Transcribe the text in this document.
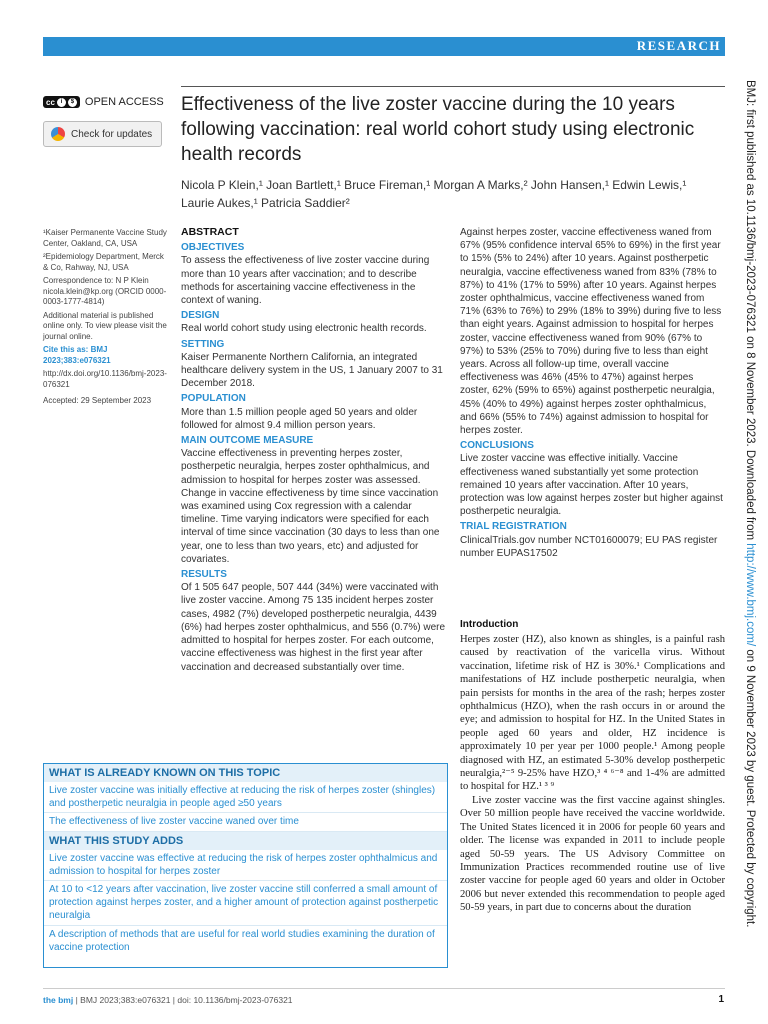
RESEARCH
cc i	$ OPEN ACCESS
Check for updates
Effectiveness of the live zoster vaccine during the 10 years following vaccination: real world cohort study using electronic health records
Nicola P Klein,¹ Joan Bartlett,¹ Bruce Fireman,¹ Morgan A Marks,² John Hansen,¹ Edwin Lewis,¹ Laurie Aukes,¹ Patricia Saddier²

¹Kaiser Permanente Vaccine Study Center, Oakland, CA, USA

²Epidemiology Department, Merck & Co, Rahway, NJ, USA

Correspondence to: N P Klein nicola.klein@kp.org (ORCID 0000-0003-1777-4814)

Additional material is published online only. To view please visit the journal online.

Cite this as: BMJ 2023;383:e076321

http://dx.doi.org/10.1136/bmj-2023-076321

Accepted: 29 September 2023

ABSTRACT
OBJECTIVES

To assess the effectiveness of live zoster vaccine during more than 10 years after vaccination; and to describe methods for ascertaining vaccine effectiveness in the context of waning.

DESIGN

Real world cohort study using electronic health records.

SETTING

Kaiser Permanente Northern California, an integrated healthcare delivery system in the US, 1 January 2007 to 31 December 2018.

POPULATION

More than 1.5 million people aged 50 years and older followed for almost 9.4 million person years.

MAIN OUTCOME MEASURE

Vaccine effectiveness in preventing herpes zoster, postherpetic neuralgia, herpes zoster ophthalmicus, and admission to hospital for herpes zoster was assessed. Change in vaccine effectiveness by time since vaccination was examined using Cox regression with a calendar timeline. Time varying indicators were specified for each interval of time since vaccination (30 days to less than one year, one to less than two years, etc) and adjusted for covariates.

RESULTS

Of 1 505 647 people, 507 444 (34%) were vaccinated with live zoster vaccine. Among 75 135 incident herpes zoster cases, 4982 (7%) developed postherpetic neuralgia, 4439 (6%) had herpes zoster ophthalmicus, and 556 (0.7%) were admitted to hospital for herpes zoster. For each outcome, vaccine effectiveness was highest in the first year after vaccination and decreased substantially over time.

Against herpes zoster, vaccine effectiveness waned from 67% (95% confidence interval 65% to 69%) in the first year to 15% (5% to 24%) after 10 years. Against postherpetic neuralgia, vaccine effectiveness waned from 83% (78% to 87%) to 41% (17% to 59%) after 10 years. Against herpes zoster ophthalmicus, vaccine effectiveness waned from 71% (63% to 76%) to 29% (18% to 39%) during five to less than eight years. Against admission to hospital for herpes zoster, vaccine effectiveness waned from 90% (67% to 97%) to 53% (25% to 70%) during five to less than eight years. Across all follow-up time, overall vaccine effectiveness was 46% (45% to 47%) against herpes zoster, 62% (59% to 65%) against postherpetic neuralgia, 45% (40% to 49%) against herpes zoster ophthalmicus, and 66% (55% to 74%) against admission to hospital for herpes zoster.

CONCLUSIONS

Live zoster vaccine was effective initially. Vaccine effectiveness waned substantially yet some protection remained 10 years after vaccination. After 10 years, protection was low against herpes zoster but higher against postherpetic neuralgia.

TRIAL REGISTRATION

ClinicalTrials.gov number NCT01600079; EU PAS register number EUPAS17502

Introduction

Herpes zoster (HZ), also known as shingles, is a painful rash caused by reactivation of the varicella virus. Without vaccination, lifetime risk of HZ is 30%.¹ Complications and manifestations of HZ include postherpetic neuralgia, when pain persists for months in the area of the rash; herpes zoster ophthalmicus (HZO), when the rash occurs in or around the eye; and admission to hospital for HZ. In the United States in people aged 60 years and older, HZ incidence is approximately 10 per year per 1000 people.¹ Among people diagnosed with HZ, an estimated 5-30% develop postherpetic neuralgia,²⁻⁵ 9-25% have HZO,³ ⁴ ⁶⁻⁸ and 1-4% are admitted to hospital for HZ.¹ ³ ⁹

Live zoster vaccine was the first vaccine against shingles. Over 50 million people have received the vaccine worldwide. The United States licenced it in 2006 for people 60 years and older. The license was expanded in 2011 to include people aged 50-59 years. The US Advisory Committee on Immunization Practices recommended routine use of live zoster vaccine for people aged 60 years and older in October 2006 but never extended this recommendation to people aged 50-59 years, in part due to concerns about the duration

WHAT IS ALREADY KNOWN ON THIS TOPIC
Live zoster vaccine was initially effective at reducing the risk of herpes zoster (shingles) and postherpetic neuralgia in people aged ≥50 years
The effectiveness of live zoster vaccine waned over time
WHAT THIS STUDY ADDS
Live zoster vaccine was effective at reducing the risk of herpes zoster ophthalmicus and admission to hospital for herpes zoster
At 10 to <12 years after vaccination, live zoster vaccine still conferred a small amount of protection against herpes zoster, and a higher amount of protection against postherpetic neuralgia
A description of methods that are useful for real world studies examining the duration of vaccine protection
the bmj | BMJ 2023;383:e076321 | doi: 10.1136/bmj-2023-076321	1
BMJ: first published as 10.1136/bmj-2023-076321 on 8 November 2023. Downloaded from http://www.bmj.com/ on 9 November 2023 by guest. Protected by copyright.
